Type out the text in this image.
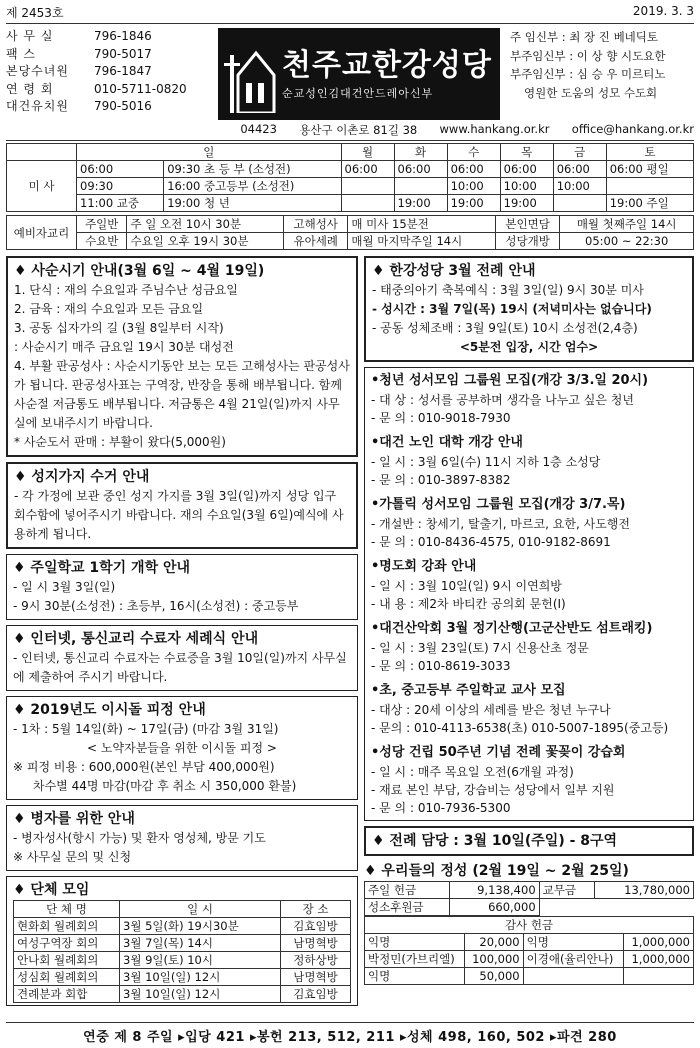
제 2453호	2019. 3. 3
사 무 실	796-1846
팩 스	790-5017
본당수녀원	796-1847
연 령 회	010-5711-0820
대건유치원	790-5016
천주교한강성당
순교성인김대건안드레아신부
주 임신부 : 최 장 진 베네딕토
부주임신부 : 이 상 향 시도요한
부주임신부 : 심 승 우 미르티노
영원한 도움의 성모 수도회
04423 용산구 이촌로 81길 38 www.hankang.or.kr office@hankang.or.kr
	일		월	화	수	목	금	토
미 사	06:00	09:30 초 등 부 (소성전)	06:00	06:00	06:00	06:00	06:00	06:00 평일
	09:30	16:00 중고등부 (소성전)			10:00	10:00	10:00	
	11:00 교중	19:00 청 년		19:00	19:00	19:00		19:00 주일
예비자교리	주일반	주 일 오전 10시 30분	고해성사	매 미사 15분전	본인면담	매월 첫째주일 14시
	수요반	수요일 오후 19시 30분	유아세례	매월 마지막주일 14시	성당개방	05:00 ~ 22:30
♦ 사순시기 안내(3월 6일 ~ 4월 19일)
1. 단식 : 재의 수요일과 주님수난 성금요일
2. 금육 : 재의 수요일과 모든 금요일
3. 공동 십자가의 길 (3월 8일부터 시작)
: 사순시기 매주 금요일 19시 30분 대성전
4. 부활 판공성사 : 사순시기동안 보는 모든 고해성사는 판공성사가 됩니다. 판공성사표는 구역장, 반장을 통해 배부됩니다. 함께 사순절 저금통도 배부됩니다. 저금통은 4월 21일(일)까지 사무실에 보내주시기 바랍니다.
* 사순도서 판매 : 부활이 왔다(5,000원)
♦ 성지가지 수거 안내
- 각 가정에 보관 중인 성지 가지를 3월 3일(일)까지 성당 입구 회수함에 넣어주시기 바랍니다. 재의 수요일(3월 6일)예식에 사용하게 됩니다.
♦ 주일학교 1학기 개학 안내
- 일 시 3월 3일(일)
- 9시 30분(소성전) : 초등부, 16시(소성전) : 중고등부
♦ 인터넷, 통신교리 수료자 세례식 안내
- 인터넷, 통신교리 수료자는 수료증을 3월 10일(일)까지 사무실에 제출하여 주시기 바랍니다.
♦ 2019년도 이시돌 피정 안내
- 1차 : 5월 14일(화) ~ 17일(금) (마감 3월 31일)
< 노약자분들을 위한 이시돌 피정 >
※ 피정 비용 : 600,000원(본인 부담 400,000원)
차수별 44명 마감(마감 후 취소 시 350,000 환불)
♦ 병자를 위한 안내
- 병자성사(항시 가능) 및 환자 영성체, 방문 기도
※ 사무실 문의 및 신청
♦ 단체 모임
단 체 명	일 시	장 소
현화회 월례회의	3월 5일(화) 19시30분	김효임방
여성구역장 회의	3월 7일(목) 14시	남명혁방
안나회 월례회의	3월 9일(토) 10시	정하상방
성심회 월례회의	3월 10일(일) 12시	남명혁방
견례분과 회합	3월 10일(일) 12시	김효임방
♦ 한강성당 3월 전례 안내
- 태중의아기 축복예식 : 3월 3일(일) 9시 30분 미사
- 성시간 : 3월 7일(목) 19시 (저녁미사는 없습니다)
- 공동 성체조배 : 3월 9일(토) 10시 소성전(2,4층)
<5분전 입장, 시간 엄수>
•청년 성서모임 그룹원 모집(개강 3/3.일 20시)
- 대 상 : 성서를 공부하며 생각을 나누고 싶은 청년
- 문 의 : 010-9018-7930
•대건 노인 대학 개강 안내
- 일 시 : 3월 6일(수) 11시 지하 1층 소성당
- 문 의 : 010-3897-8382
•가톨릭 성서모임 그룹원 모집(개강 3/7.목)
- 개설반 : 창세기, 탈출기, 마르코, 요한, 사도행전
- 문 의 : 010-8436-4575, 010-9182-8691
•명도회 강좌 안내
- 일 시 : 3월 10일(일) 9시 이연희방
- 내 용 : 제2차 바티칸 공의회 문헌(I)
•대건산악회 3월 정기산행(고군산반도 섬트래킹)
- 일 시 : 3월 23일(토) 7시 신용산초 정문
- 문 의 : 010-8619-3033
•초, 중고등부 주일학교 교사 모집
- 대상 : 20세 이상의 세례를 받은 청년 누구나
- 문의 : 010-4113-6538(초) 010-5007-1895(중고등)
•성당 건립 50주년 기념 전례 꽃꽂이 강습회
- 일 시 : 매주 목요일 오전(6개월 과정)
- 재료 본인 부담, 강습비는 성당에서 일부 지원
- 문 의 : 010-7936-5300
♦ 전례 담당 : 3월 10일(주일) - 8구역
♦ 우리들의 정성 (2월 19일 ~ 2월 25일)
주일 헌금	9,138,400	교무금	13,780,000
성소후원금	660,000		
감사 헌금			
익명	20,000	익명	1,000,000
박정민(가브리엘)	100,000	이경애(율리안나)	1,000,000
익명	50,000		
연중 제 8 주일 ▸입당 421 ▸봉헌 213, 512, 211 ▸성체 498, 160, 502 ▸파견 280
